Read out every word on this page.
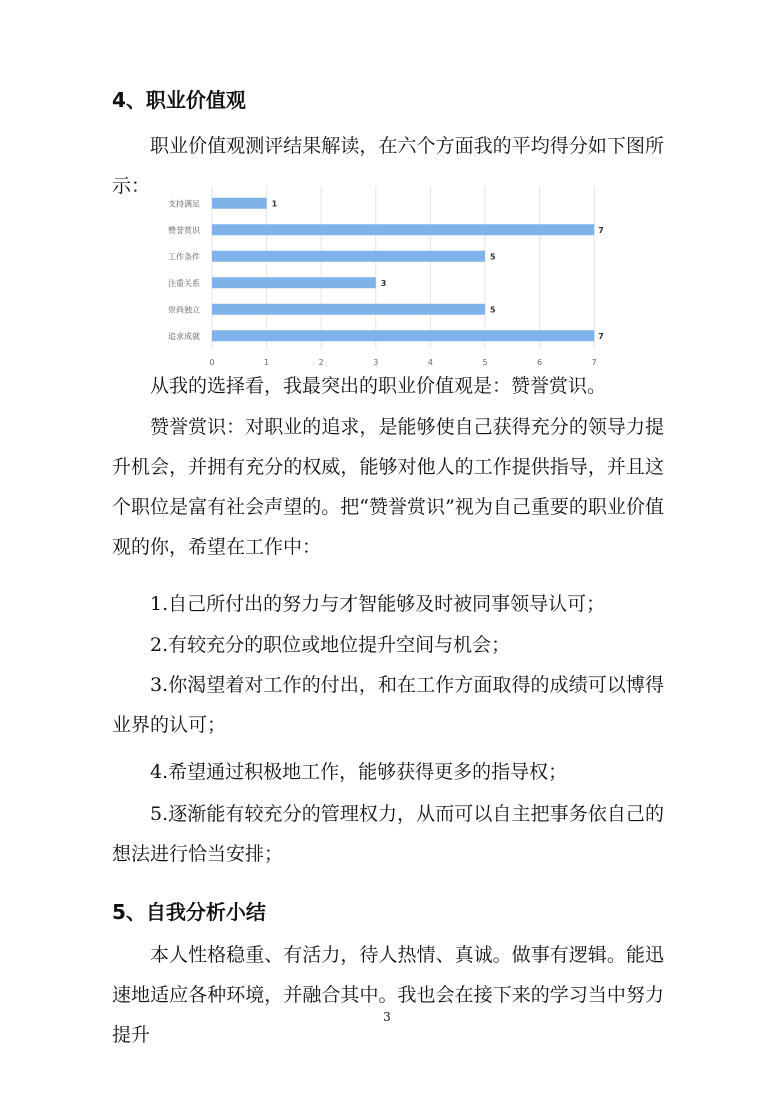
4、职业价值观
职业价值观测评结果解读，在六个方面我的平均得分如下图所示：
0	1	2	3	4	5	6	7
支持满足	1
赞誉赏识	7
工作条件	5
注重关系	3
崇尚独立	5
追求成就	7
从我的选择看，我最突出的职业价值观是：赞誉赏识。
赞誉赏识：对职业的追求，是能够使自己获得充分的领导力提升机会，并拥有充分的权威，能够对他人的工作提供指导，并且这个职位是富有社会声望的。把“赞誉赏识”视为自己重要的职业价值观的你，希望在工作中：
1.自己所付出的努力与才智能够及时被同事领导认可；
2.有较充分的职位或地位提升空间与机会；
3.你渴望着对工作的付出，和在工作方面取得的成绩可以博得业界的认可；
4.希望通过积极地工作，能够获得更多的指导权；
5.逐渐能有较充分的管理权力，从而可以自主把事务依自己的想法进行恰当安排；
5、自我分析小结
本人性格稳重、有活力，待人热情、真诚。做事有逻辑。能迅速地适应各种环境，并融合其中。我也会在接下来的学习当中努力提升
3
